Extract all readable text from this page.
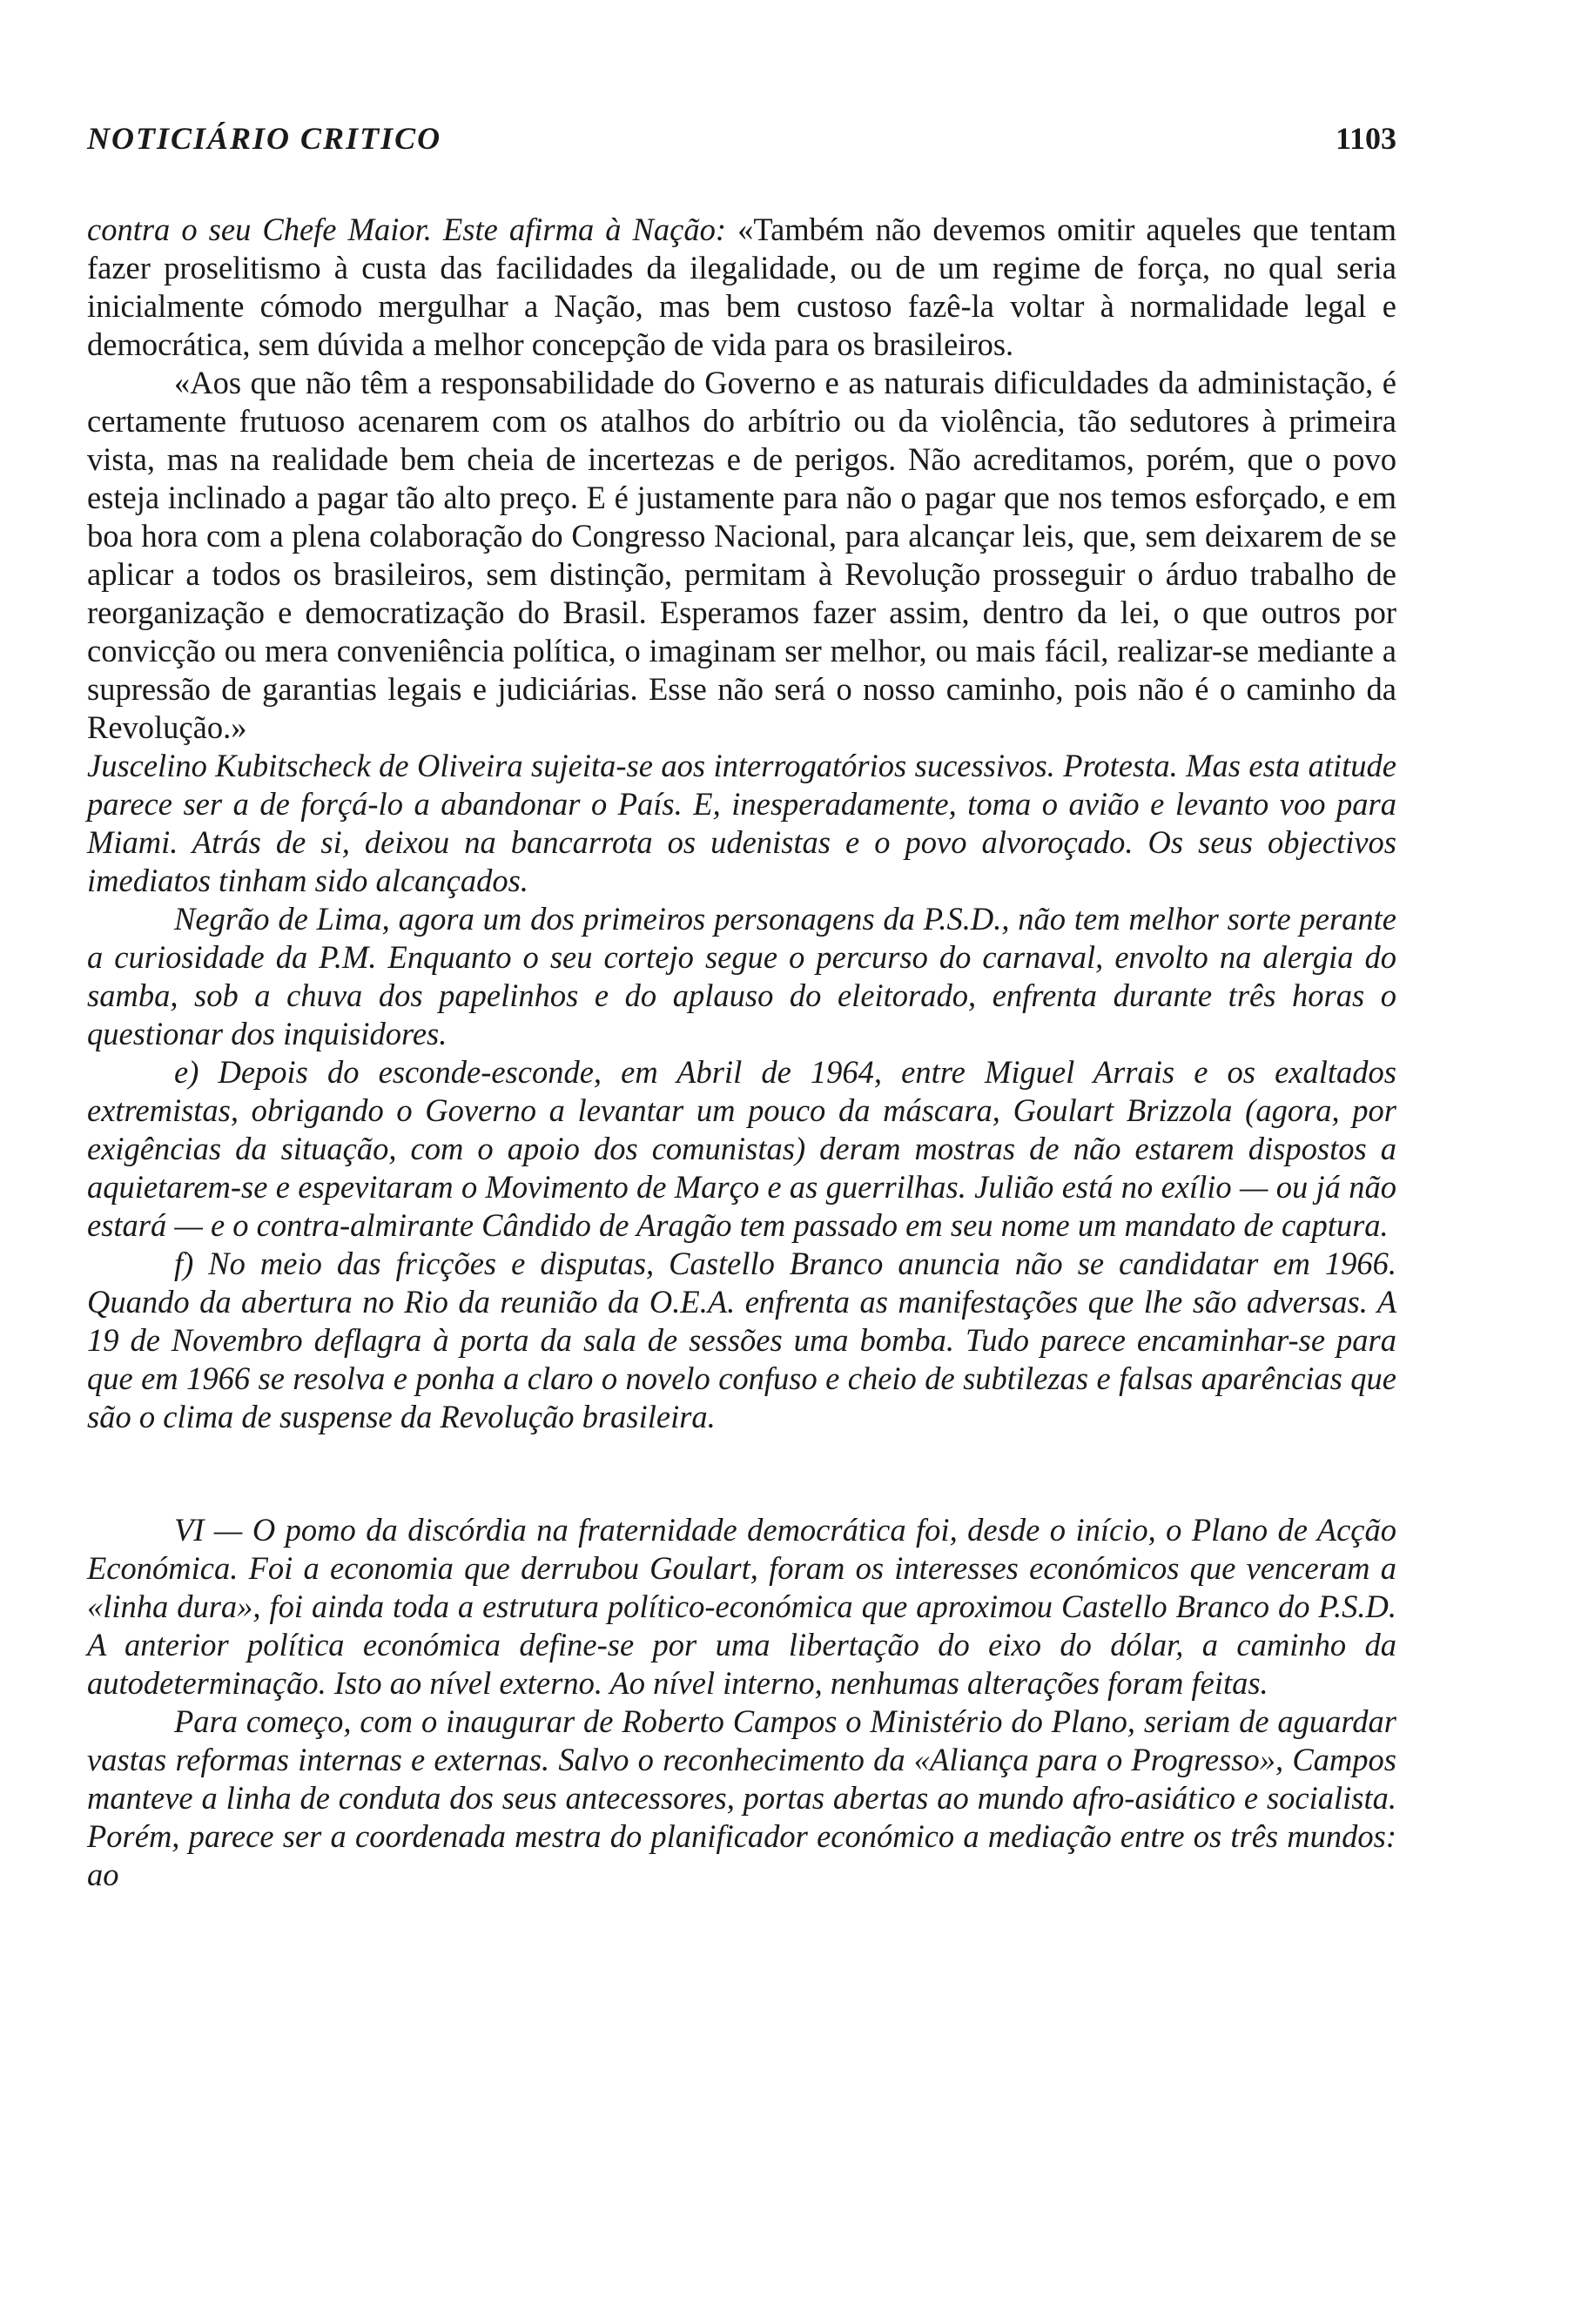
NOTICIÁRIO CRITICO	1103

contra o seu Chefe Maior. Este afirma à Nação: «Também não devemos omitir aqueles que tentam fazer proselitismo à custa das facilidades da ilegalidade, ou de um regime de força, no qual seria inicialmente cómodo mergulhar a Nação, mas bem custoso fazê-la voltar à normalidade legal e democrática, sem dúvida a melhor concepção de vida para os brasileiros.

«Aos que não têm a responsabilidade do Governo e as naturais dificuldades da administação, é certamente frutuoso acenarem com os atalhos do arbítrio ou da violência, tão sedutores à primeira vista, mas na realidade bem cheia de incertezas e de perigos. Não acreditamos, porém, que o povo esteja inclinado a pagar tão alto preço. E é justamente para não o pagar que nos temos esforçado, e em boa hora com a plena colaboração do Congresso Nacional, para alcançar leis, que, sem deixarem de se aplicar a todos os brasileiros, sem distinção, permitam à Revolução prosseguir o árduo trabalho de reorganização e democratização do Brasil. Esperamos fazer assim, dentro da lei, o que outros por convicção ou mera conveniência política, o imaginam ser melhor, ou mais fácil, realizar-se mediante a supressão de garantias legais e judiciárias. Esse não será o nosso caminho, pois não é o caminho da Revolução.»

Juscelino Kubitscheck de Oliveira sujeita-se aos interrogatórios sucessivos. Protesta. Mas esta atitude parece ser a de forçá-lo a abandonar o País. E, inesperadamente, toma o avião e levanto voo para Miami. Atrás de si, deixou na bancarrota os udenistas e o povo alvoroçado. Os seus objectivos imediatos tinham sido alcançados.

Negrão de Lima, agora um dos primeiros personagens da P.S.D., não tem melhor sorte perante a curiosidade da P.M. Enquanto o seu cortejo segue o percurso do carnaval, envolto na alergia do samba, sob a chuva dos papelinhos e do aplauso do eleitorado, enfrenta durante três horas o questionar dos inquisidores.

e) Depois do esconde-esconde, em Abril de 1964, entre Miguel Arrais e os exaltados extremistas, obrigando o Governo a levantar um pouco da máscara, Goulart Brizzola (agora, por exigências da situação, com o apoio dos comunistas) deram mostras de não estarem dispostos a aquietarem-se e espevitaram o Movimento de Março e as guerrilhas. Julião está no exílio — ou já não estará — e o contra-almirante Cândido de Aragão tem passado em seu nome um mandato de captura.

f) No meio das fricções e disputas, Castello Branco anuncia não se candidatar em 1966. Quando da abertura no Rio da reunião da O.E.A. enfrenta as manifestações que lhe são adversas. A 19 de Novembro deflagra à porta da sala de sessões uma bomba. Tudo parece encaminhar-se para que em 1966 se resolva e ponha a claro o novelo confuso e cheio de subtilezas e falsas aparências que são o clima de suspense da Revolução brasileira.

VI — O pomo da discórdia na fraternidade democrática foi, desde o início, o Plano de Acção Económica. Foi a economia que derrubou Goulart, foram os interesses económicos que venceram a «linha dura», foi ainda toda a estrutura político-económica que aproximou Castello Branco do P.S.D. A anterior política económica define-se por uma libertação do eixo do dólar, a caminho da autodeterminação. Isto ao nível externo. Ao nível interno, nenhumas alterações foram feitas.

Para começo, com o inaugurar de Roberto Campos o Ministério do Plano, seriam de aguardar vastas reformas internas e externas. Salvo o reconhecimento da «Aliança para o Progresso», Campos manteve a linha de conduta dos seus antecessores, portas abertas ao mundo afro-asiático e socialista. Porém, parece ser a coordenada mestra do planificador económico a mediação entre os três mundos: ao
